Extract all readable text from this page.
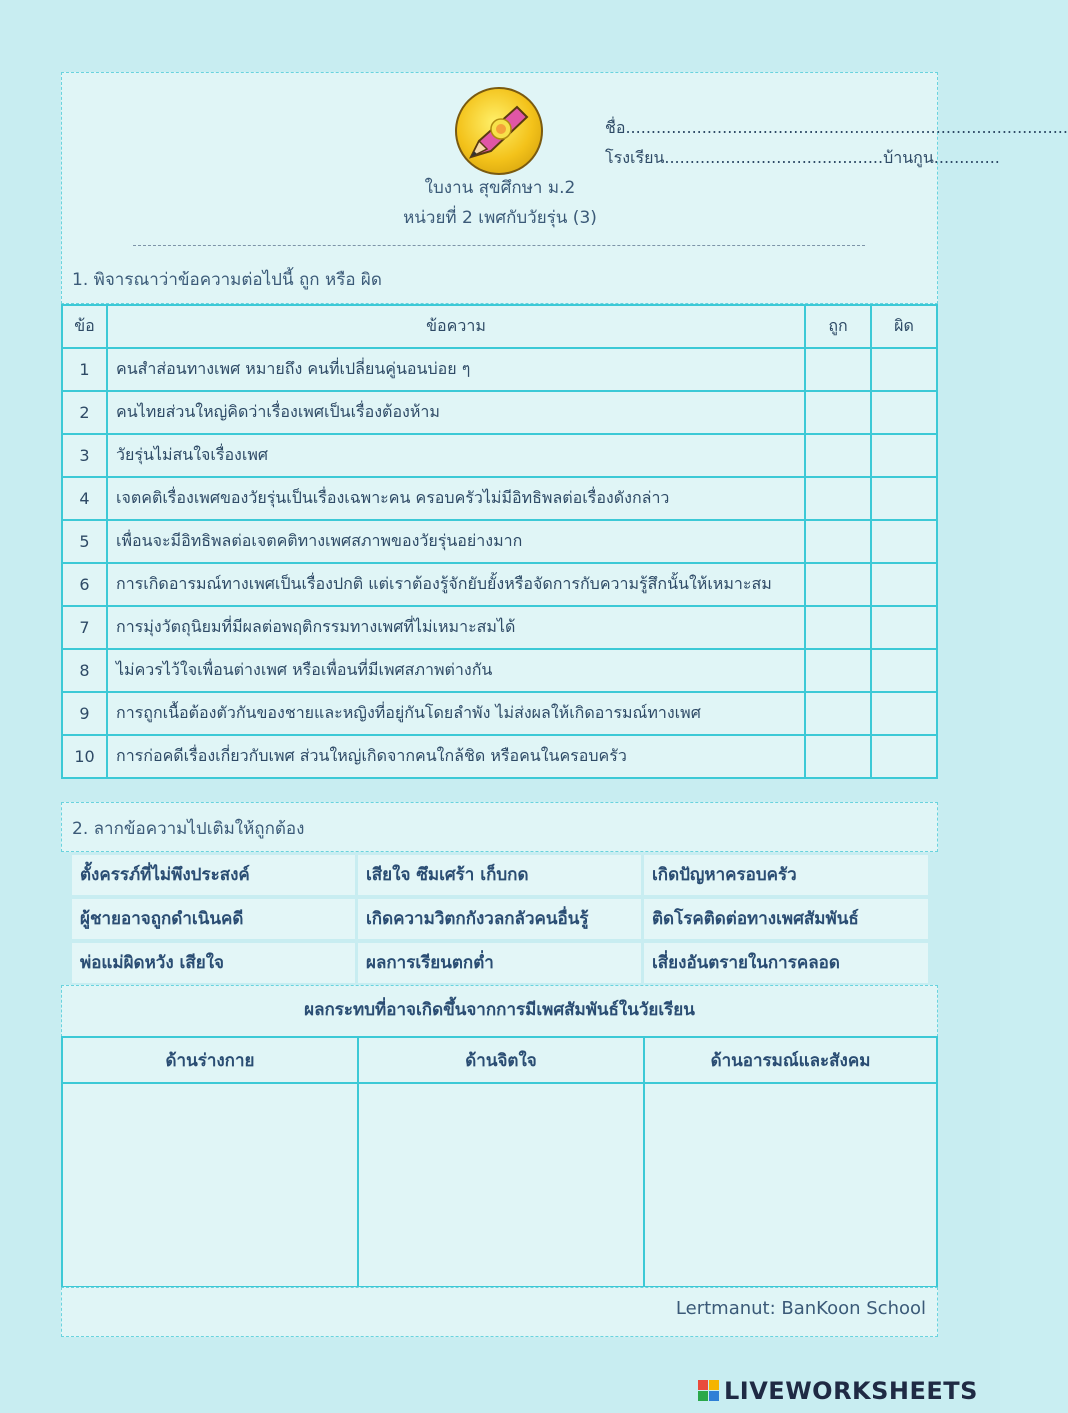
ใบงาน สุขศึกษา ม.2
หน่วยที่ 2 เพศกับวัยรุ่น (3)
ชื่อ.......................................................................................
โรงเรียน...........................................บ้านกูน.............
1. พิจารณาว่าข้อความต่อไปนี้ ถูก หรือ ผิด
ข้อ	ข้อความ	ถูก	ผิด
1	คนสำส่อนทางเพศ หมายถึง คนที่เปลี่ยนคู่นอนบ่อย ๆ		
2	คนไทยส่วนใหญ่คิดว่าเรื่องเพศเป็นเรื่องต้องห้าม		
3	วัยรุ่นไม่สนใจเรื่องเพศ		
4	เจตคติเรื่องเพศของวัยรุ่นเป็นเรื่องเฉพาะคน ครอบครัวไม่มีอิทธิพลต่อเรื่องดังกล่าว		
5	เพื่อนจะมีอิทธิพลต่อเจตคติทางเพศสภาพของวัยรุ่นอย่างมาก		
6	การเกิดอารมณ์ทางเพศเป็นเรื่องปกติ แต่เราต้องรู้จักยับยั้งหรือจัดการกับความรู้สึกนั้นให้เหมาะสม		
7	การมุ่งวัตถุนิยมที่มีผลต่อพฤติกรรมทางเพศที่ไม่เหมาะสมได้		
8	ไม่ควรไว้ใจเพื่อนต่างเพศ หรือเพื่อนที่มีเพศสภาพต่างกัน		
9	การถูกเนื้อต้องตัวกันของชายและหญิงที่อยู่กันโดยลำพัง ไม่ส่งผลให้เกิดอารมณ์ทางเพศ		
10	การก่อคดีเรื่องเกี่ยวกับเพศ ส่วนใหญ่เกิดจากคนใกล้ชิด หรือคนในครอบครัว		
2. ลากข้อความไปเติมให้ถูกต้อง
ตั้งครรภ์ที่ไม่พึงประสงค์	เสียใจ ซึมเศร้า เก็บกด	เกิดปัญหาครอบครัว
ผู้ชายอาจถูกดำเนินคดี	เกิดความวิตกกังวลกลัวคนอื่นรู้	ติดโรคติดต่อทางเพศสัมพันธ์
พ่อแม่ผิดหวัง เสียใจ	ผลการเรียนตกต่ำ	เสี่ยงอันตรายในการคลอด
ผลกระทบที่อาจเกิดขึ้นจากการมีเพศสัมพันธ์ในวัยเรียน
ด้านร่างกาย	ด้านจิตใจ	ด้านอารมณ์และสังคม

Lertmanut: BanKoon School
LIVEWORKSHEETS
